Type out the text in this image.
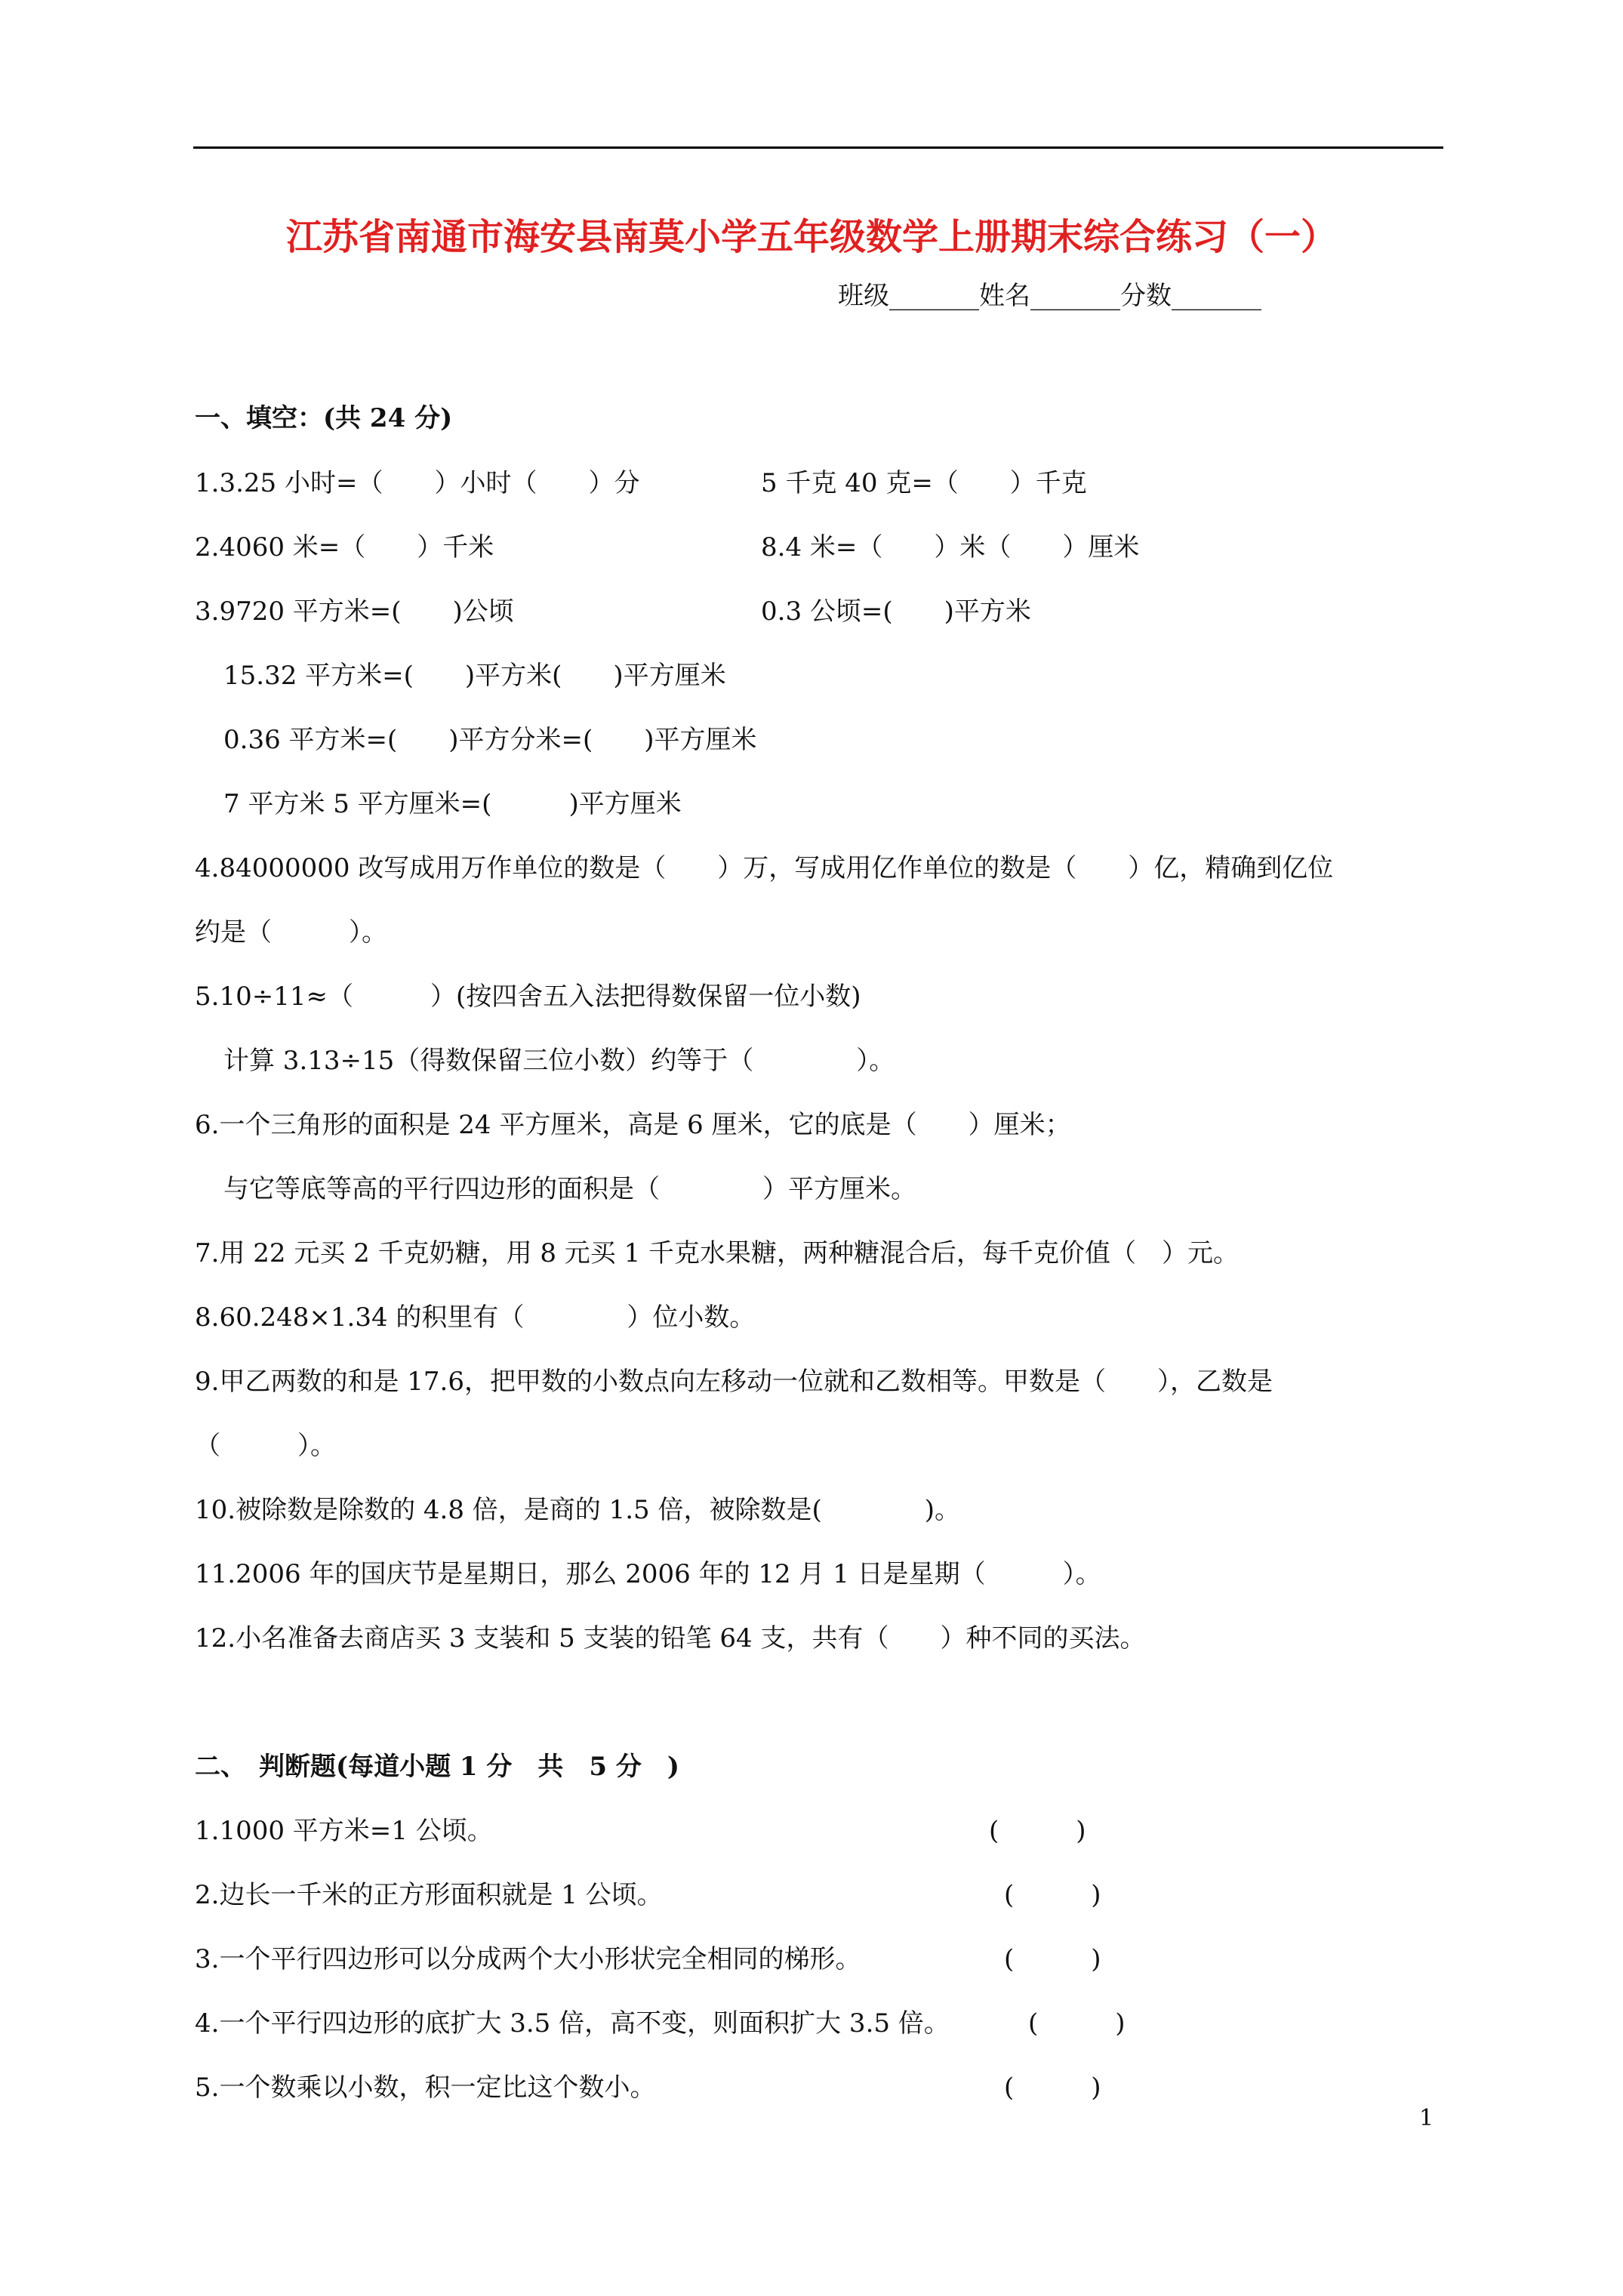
江苏省南通市海安县南莫小学五年级数学上册期末综合练习（一）
班级_______姓名_______分数_______
一、填空：(共 24 分)
1.3.25 小时=（　　）小时（　　）分	5 千克 40 克=（　　）千克
2.4060 米=（　　）千米	8.4 米=（　　）米（　　）厘米
3.9720 平方米=(　　)公顷	0.3 公顷=(　　)平方米
15.32 平方米=(　　)平方米(　　)平方厘米
0.36 平方米=(　　)平方分米=(　　)平方厘米
7 平方米 5 平方厘米=(　　　)平方厘米
4.84000000 改写成用万作单位的数是（　　）万，写成用亿作单位的数是（　　）亿，精确到亿位
约是（　　　）。
5.10÷11≈（　　　）(按四舍五入法把得数保留一位小数)
计算 3.13÷15（得数保留三位小数）约等于（　　　　）。
6.一个三角形的面积是 24 平方厘米，高是 6 厘米，它的底是（　　）厘米；
与它等底等高的平行四边形的面积是（　　　　）平方厘米。
7.用 22 元买 2 千克奶糖，用 8 元买 1 千克水果糖，两种糖混合后，每千克价值（　）元。
8.60.248×1.34 的积里有（　　　　）位小数。
9.甲乙两数的和是 17.6，把甲数的小数点向左移动一位就和乙数相等。甲数是（　　），乙数是
（　　　）。
10.被除数是除数的 4.8 倍，是商的 1.5 倍，被除数是(　　　　)。
11.2006 年的国庆节是星期日，那么 2006 年的 12 月 1 日是星期（　　　）。
12.小名准备去商店买 3 支装和 5 支装的铅笔 64 支，共有（　　）种不同的买法。
二、　判断题(每道小题 1 分　共　5 分　)
1.1000 平方米=1 公顷。	(　　　)
2.边长一千米的正方形面积就是 1 公顷。	(　　　)
3.一个平行四边形可以分成两个大小形状完全相同的梯形。	(　　　)
4.一个平行四边形的底扩大 3.5 倍，高不变，则面积扩大 3.5 倍。	(　　　)
5.一个数乘以小数，积一定比这个数小。	(　　　)
1
